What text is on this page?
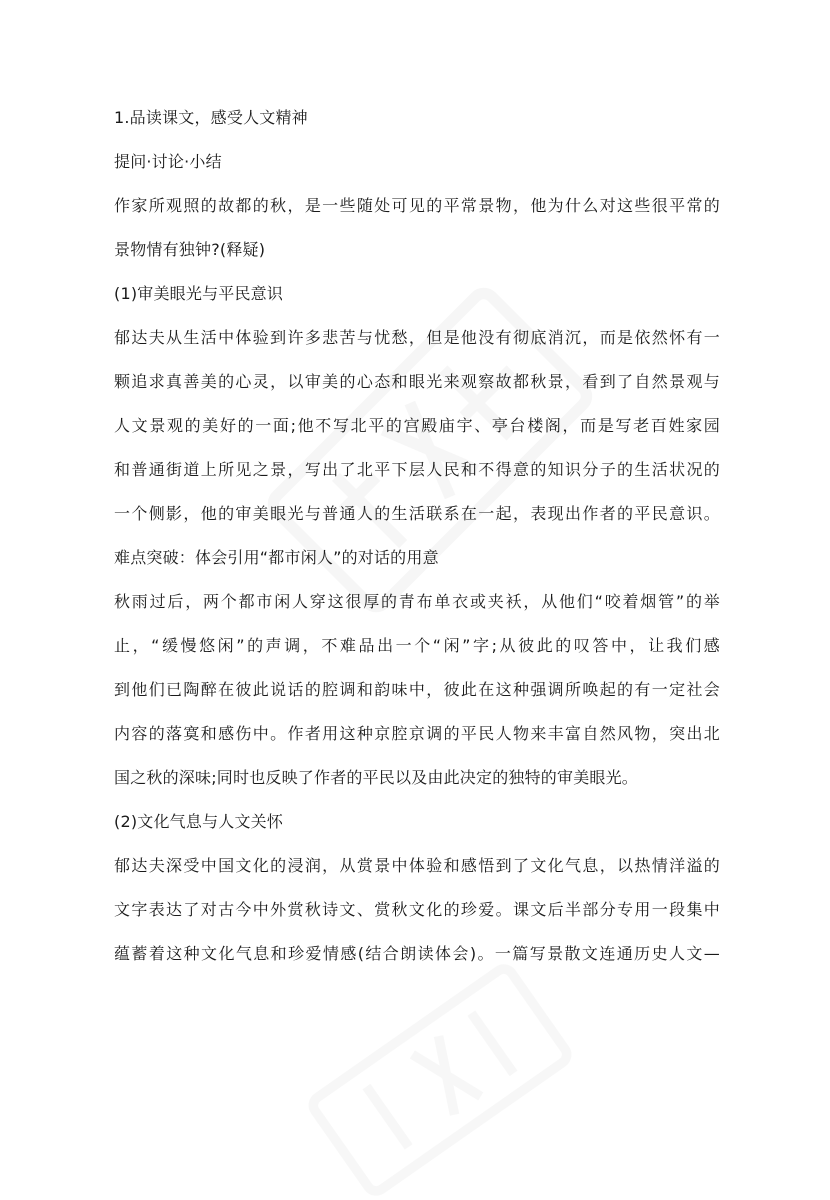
1.品读课文，感受人文精神
提问·讨论·小结
作家所观照的故都的秋，是一些随处可见的平常景物，他为什么对这些很平常的
景物情有独钟?(释疑)
(1)审美眼光与平民意识
郁达夫从生活中体验到许多悲苦与忧愁，但是他没有彻底消沉，而是依然怀有一
颗追求真善美的心灵，以审美的心态和眼光来观察故都秋景，看到了自然景观与
人文景观的美好的一面;他不写北平的宫殿庙宇、亭台楼阁，而是写老百姓家园
和普通街道上所见之景，写出了北平下层人民和不得意的知识分子的生活状况的
一个侧影，他的审美眼光与普通人的生活联系在一起，表现出作者的平民意识。
难点突破：体会引用“都市闲人”的对话的用意
秋雨过后，两个都市闲人穿这很厚的青布单衣或夹袄，从他们“咬着烟管”的举
止，“缓慢悠闲”的声调，不难品出一个“闲”字;从彼此的叹答中，让我们感
到他们已陶醉在彼此说话的腔调和韵味中，彼此在这种强调所唤起的有一定社会
内容的落寞和感伤中。作者用这种京腔京调的平民人物来丰富自然风物，突出北
国之秋的深味;同时也反映了作者的平民以及由此决定的独特的审美眼光。
(2)文化气息与人文关怀
郁达夫深受中国文化的浸润，从赏景中体验和感悟到了文化气息，以热情洋溢的
文字表达了对古今中外赏秋诗文、赏秋文化的珍爱。课文后半部分专用一段集中
蕴蓄着这种文化气息和珍爱情感(结合朗读体会)。一篇写景散文连通历史人文—
